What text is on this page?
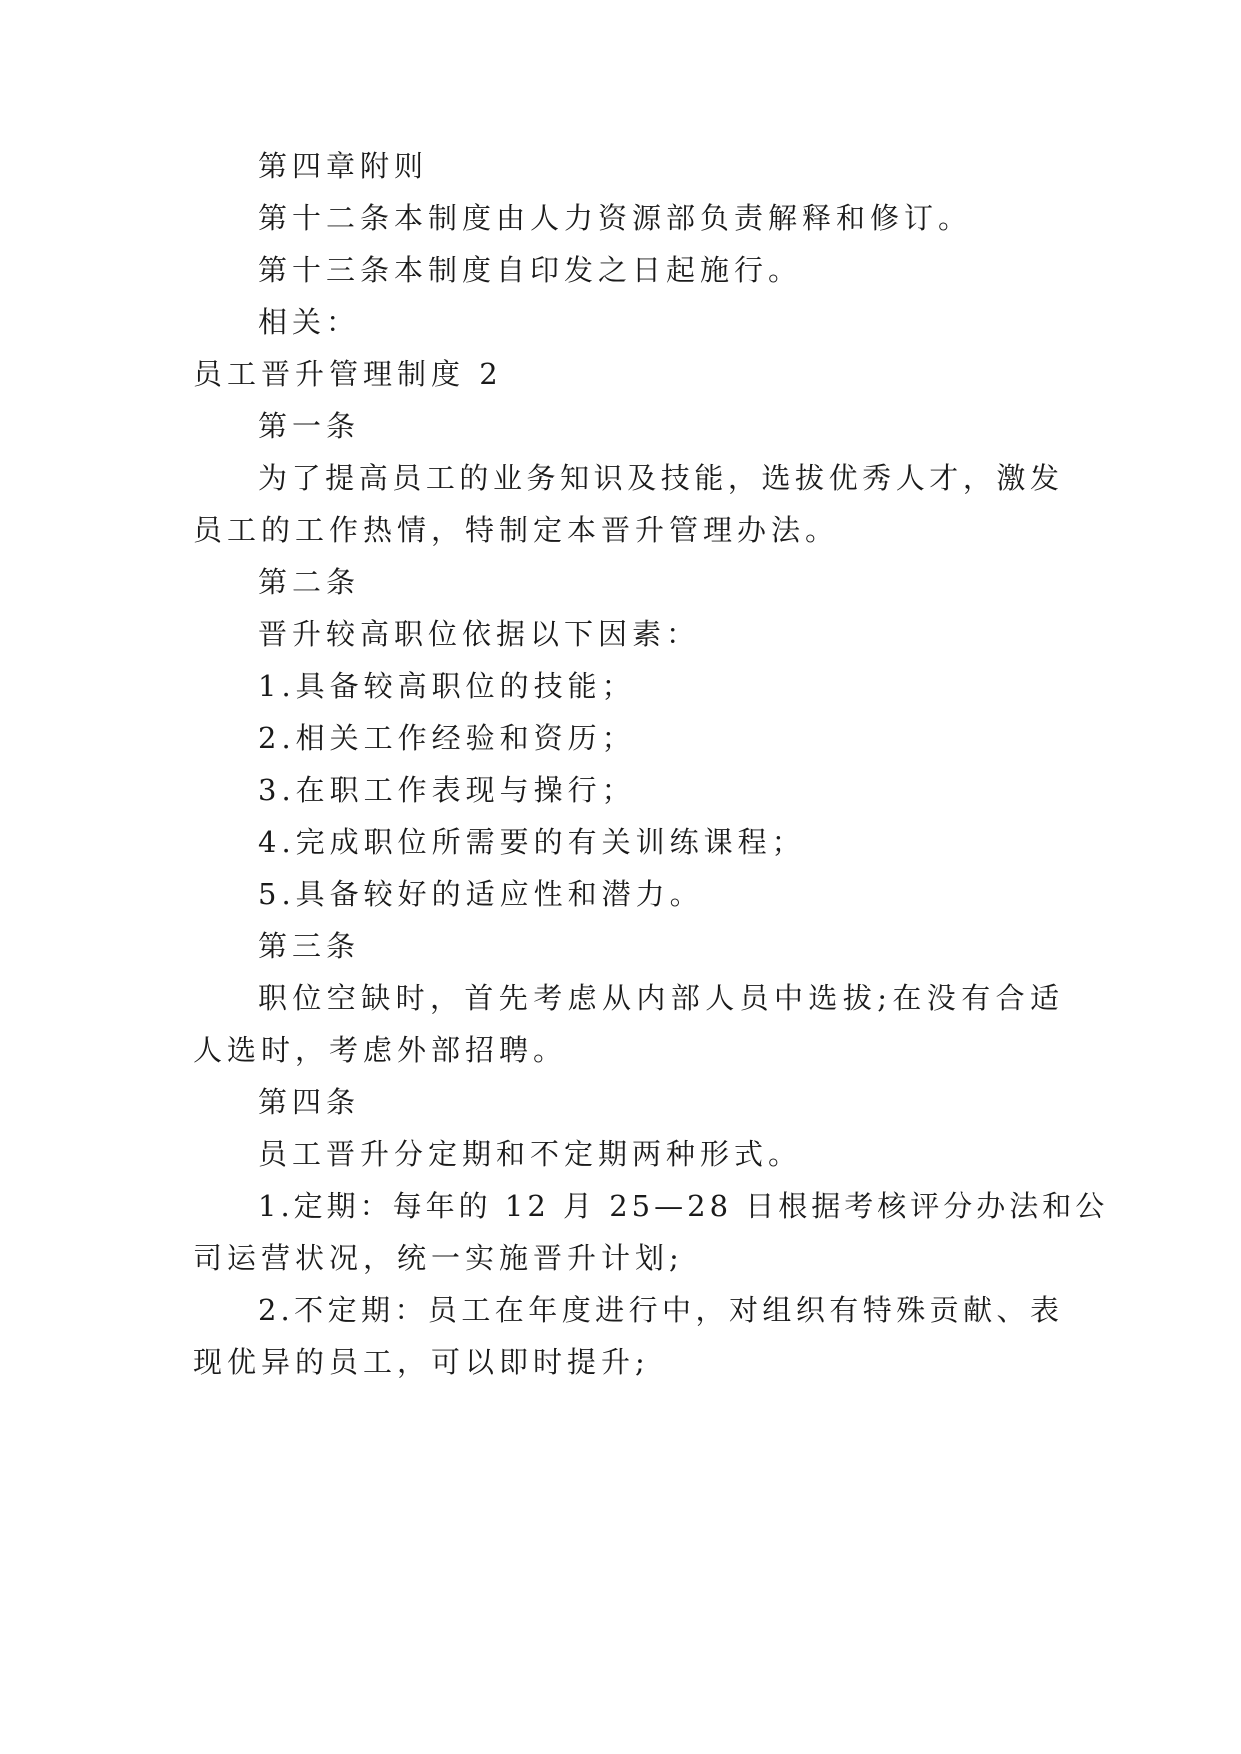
第四章附则
第十二条本制度由人力资源部负责解释和修订。
第十三条本制度自印发之日起施行。
相关：
员工晋升管理制度 2
第一条
为了提高员工的业务知识及技能，选拔优秀人才，激发
员工的工作热情，特制定本晋升管理办法。
第二条
晋升较高职位依据以下因素：
1.具备较高职位的技能；
2.相关工作经验和资历；
3.在职工作表现与操行；
4.完成职位所需要的有关训练课程；
5.具备较好的适应性和潜力。
第三条
职位空缺时，首先考虑从内部人员中选拔;在没有合适
人选时，考虑外部招聘。
第四条
员工晋升分定期和不定期两种形式。
1.定期：每年的 12 月 25—28 日根据考核评分办法和公
司运营状况，统一实施晋升计划;
2.不定期：员工在年度进行中，对组织有特殊贡献、表
现优异的员工，可以即时提升;
